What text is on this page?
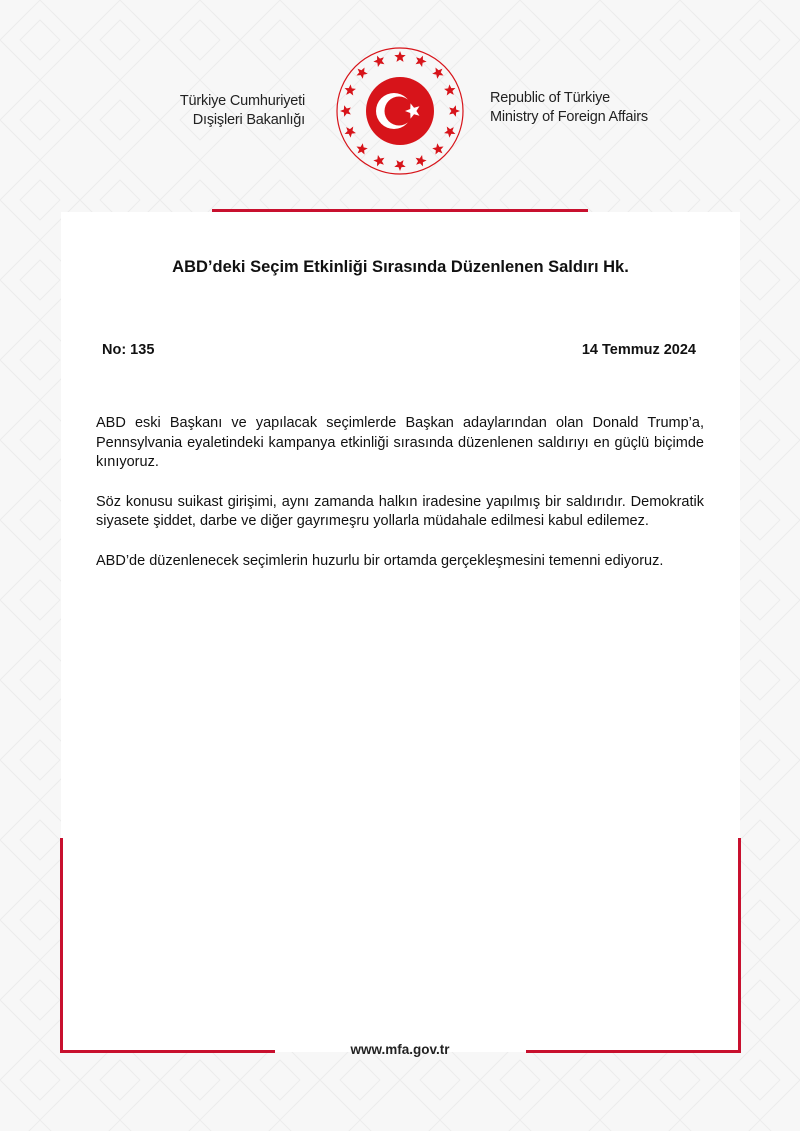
Türkiye Cumhuriyeti
Dışişleri Bakanlığı
Republic of Türkiye
Ministry of Foreign Affairs
ABD’deki Seçim Etkinliği Sırasında Düzenlenen Saldırı Hk.
No: 135	14 Temmuz 2024

ABD eski Başkanı ve yapılacak seçimlerde Başkan adaylarından olan Donald Trump’a, Pennsylvania eyaletindeki kampanya etkinliği sırasında düzenlenen saldırıyı en güçlü biçimde kınıyoruz.

Söz konusu suikast girişimi, aynı zamanda halkın iradesine yapılmış bir saldırıdır. Demokratik siyasete şiddet, darbe ve diğer gayrımeşru yollarla müdahale edilmesi kabul edilemez.

ABD’de düzenlenecek seçimlerin huzurlu bir ortamda gerçekleşmesini temenni ediyoruz.

www.mfa.gov.tr
